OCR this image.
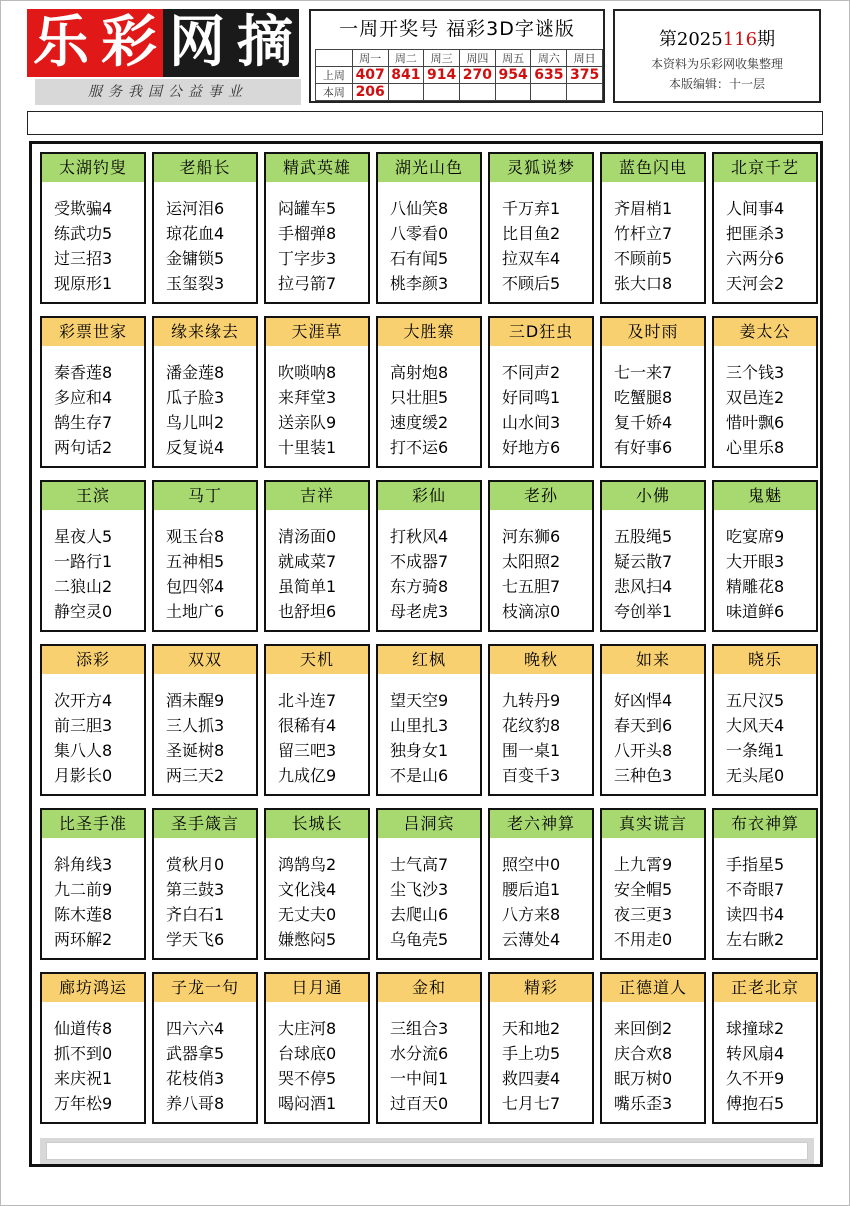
乐 彩 网 摘
服务我国公益事业
一周开奖号 福彩3D字谜版
	周一	周二	周三	周四	周五	周六	周日
上周	407	841	914	270	954	635	375
本周	206						
第2025116期
本资料为乐彩网收集整理
本版编辑：十一层
廊坊鸿运
仙道传8
抓不到0
来庆祝1
万年松9
子龙一句
四六六4
武器拿5
花枝俏3
养八哥8
日月通
大庄河8
台球底0
哭不停5
喝闷酒1
金和
三组合3
水分流6
一中间1
过百天0
精彩
天和地2
手上功5
救四妻4
七月七7
正德道人
来回倒2
庆合欢8
眠万树0
嘴乐歪3
正老北京
球撞球2
转风扇4
久不开9
傅抱石5
比圣手准
斜角线3
九二前9
陈木莲8
两环解2
圣手箴言
赏秋月0
第三鼓3
齐白石1
学天飞6
长城长
鸿鹄鸟2
文化浅4
无丈夫0
嫌憋闷5
吕洞宾
士气高7
尘飞沙3
去爬山6
乌龟壳5
老六神算
照空中0
腰后追1
八方来8
云薄处4
真实谎言
上九霄9
安全帽5
夜三更3
不用走0
布衣神算
手指星5
不奇眼7
读四书4
左右瞅2
添彩
次开方4
前三胆3
集八人8
月影长0
双双
酒未醒9
三人抓3
圣诞树8
两三天2
天机
北斗连7
很稀有4
留三吧3
九成亿9
红枫
望天空9
山里扎3
独身女1
不是山6
晚秋
九转丹9
花纹豹8
围一桌1
百变千3
如来
好凶悍4
春天到6
八开头8
三种色3
晓乐
五尺汉5
大风天4
一条绳1
无头尾0
王滨
星夜人5
一路行1
二狼山2
静空灵0
马丁
观玉台8
五神相5
包四邻4
土地广6
吉祥
清汤面0
就咸菜7
虽简单1
也舒坦6
彩仙
打秋风4
不成器7
东方骑8
母老虎3
老孙
河东狮6
太阳照2
七五胆7
枝滴凉0
小佛
五股绳5
疑云散7
悲风扫4
夸创举1
鬼魅
吃宴席9
大开眼3
精雕花8
味道鲜6
彩票世家
秦香莲8
多应和4
鹄生存7
两句话2
缘来缘去
潘金莲8
瓜子脸3
鸟儿叫2
反复说4
天涯草
吹唢呐8
来拜堂3
送亲队9
十里装1
大胜寨
高射炮8
只壮胆5
速度缓2
打不运6
三D狂虫
不同声2
好同鸣1
山水间3
好地方6
及时雨
七一来7
吃蟹腿8
复千娇4
有好事6
姜太公
三个钱3
双邑连2
惜叶飘6
心里乐8
太湖钓叟
受欺骗4
练武功5
过三招3
现原形1
老船长
运河泪6
琼花血4
金镛锁5
玉玺裂3
精武英雄
闷罐车5
手榴弹8
丁字步3
拉弓箭7
湖光山色
八仙笑8
八零看0
石有闻5
桃李颜3
灵狐说梦
千万弃1
比目鱼2
拉双车4
不顾后5
蓝色闪电
齐眉梢1
竹杆立7
不顾前5
张大口8
北京千艺
人间事4
把匪杀3
六两分6
天河会2
